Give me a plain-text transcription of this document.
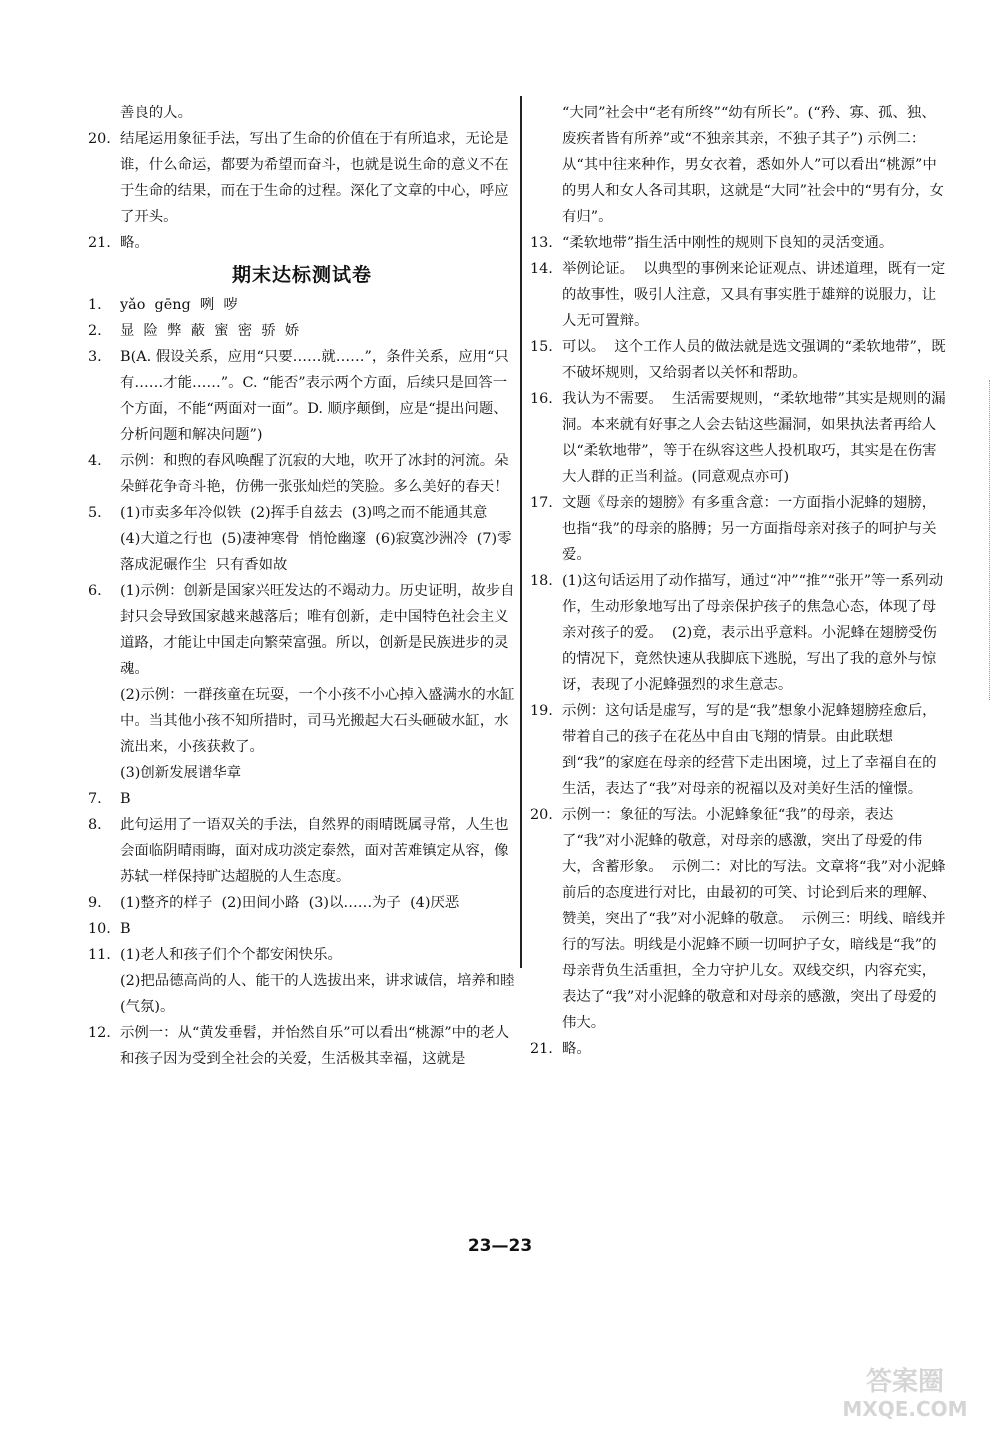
善良的人。
20. 结尾运用象征手法，写出了生命的价值在于有所追求，无论是谁，什么命运，都要为希望而奋斗，也就是说生命的意义不在于生命的结果，而在于生命的过程。深化了文章的中心，呼应了开头。
21. 略。
期末达标测试卷
1. yǎo  gēng  咧  哕
2. 显  险  弊  蔽  蜜  密  骄  娇
3. B(A. 假设关系，应用“只要……就……”，条件关系，应用“只有……才能……”。C. “能否”表示两个方面，后续只是回答一个方面，不能“两面对一面”。D. 顺序颠倒，应是“提出问题、分析问题和解决问题”)
4. 示例：和煦的春风唤醒了沉寂的大地，吹开了冰封的河流。朵朵鲜花争奇斗艳，仿佛一张张灿烂的笑脸。多么美好的春天！
5. (1)市卖多年冷似铁  (2)挥手自兹去  (3)鸣之而不能通其意  (4)大道之行也  (5)凄神寒骨  悄怆幽邃  (6)寂寞沙洲冷  (7)零落成泥碾作尘  只有香如故
6. (1)示例：创新是国家兴旺发达的不竭动力。历史证明，故步自封只会导致国家越来越落后；唯有创新，走中国特色社会主义道路，才能让中国走向繁荣富强。所以，创新是民族进步的灵魂。
(2)示例：一群孩童在玩耍，一个小孩不小心掉入盛满水的水缸中。当其他小孩不知所措时，司马光搬起大石头砸破水缸，水流出来，小孩获救了。
(3)创新发展谱华章
7. B
8. 此句运用了一语双关的手法，自然界的雨晴既属寻常，人生也会面临阴晴雨晦，面对成功淡定泰然，面对苦难镇定从容，像苏轼一样保持旷达超脱的人生态度。
9. (1)整齐的样子  (2)田间小路  (3)以……为子  (4)厌恶
10. B
11. (1)老人和孩子们个个都安闲快乐。
(2)把品德高尚的人、能干的人选拔出来，讲求诚信，培养和睦(气氛)。
12. 示例一：从“黄发垂髫，并怡然自乐”可以看出“桃源”中的老人和孩子因为受到全社会的关爱，生活极其幸福，这就是
“大同”社会中“老有所终”“幼有所长”。(“矜、寡、孤、独、废疾者皆有所养”或“不独亲其亲，不独子其子”) 示例二：从“其中往来种作，男女衣着，悉如外人”可以看出“桃源”中的男人和女人各司其职，这就是“大同”社会中的“男有分，女有归”。
13. “柔软地带”指生活中刚性的规则下良知的灵活变通。
14. 举例论证。  以典型的事例来论证观点、讲述道理，既有一定的故事性，吸引人注意，又具有事实胜于雄辩的说服力，让人无可置辩。
15. 可以。  这个工作人员的做法就是选文强调的“柔软地带”，既不破坏规则，又给弱者以关怀和帮助。
16. 我认为不需要。  生活需要规则，“柔软地带”其实是规则的漏洞。本来就有好事之人会去钻这些漏洞，如果执法者再给人以“柔软地带”，等于在纵容这些人投机取巧，其实是在伤害大人群的正当利益。(同意观点亦可)
17. 文题《母亲的翅膀》有多重含意：一方面指小泥蜂的翅膀，也指“我”的母亲的胳膊；另一方面指母亲对孩子的呵护与关爱。
18. (1)这句话运用了动作描写，通过“冲”“推”“张开”等一系列动作，生动形象地写出了母亲保护孩子的焦急心态，体现了母亲对孩子的爱。  (2)竟，表示出乎意料。小泥蜂在翅膀受伤的情况下，竟然快速从我脚底下逃脱，写出了我的意外与惊讶，表现了小泥蜂强烈的求生意志。
19. 示例：这句话是虚写，写的是“我”想象小泥蜂翅膀痊愈后，带着自己的孩子在花丛中自由飞翔的情景。由此联想到“我”的家庭在母亲的经营下走出困境，过上了幸福自在的生活，表达了“我”对母亲的祝福以及对美好生活的憧憬。
20. 示例一：象征的写法。小泥蜂象征“我”的母亲，表达了“我”对小泥蜂的敬意，对母亲的感激，突出了母爱的伟大，含蓄形象。  示例二：对比的写法。文章将“我”对小泥蜂前后的态度进行对比，由最初的可笑、讨论到后来的理解、赞美，突出了“我”对小泥蜂的敬意。  示例三：明线、暗线并行的写法。明线是小泥蜂不顾一切呵护子女，暗线是“我”的母亲背负生活重担，全力守护儿女。双线交织，内容充实，表达了“我”对小泥蜂的敬意和对母亲的感激，突出了母爱的伟大。
21. 略。
23—23
答案圈
MXQE.COM
